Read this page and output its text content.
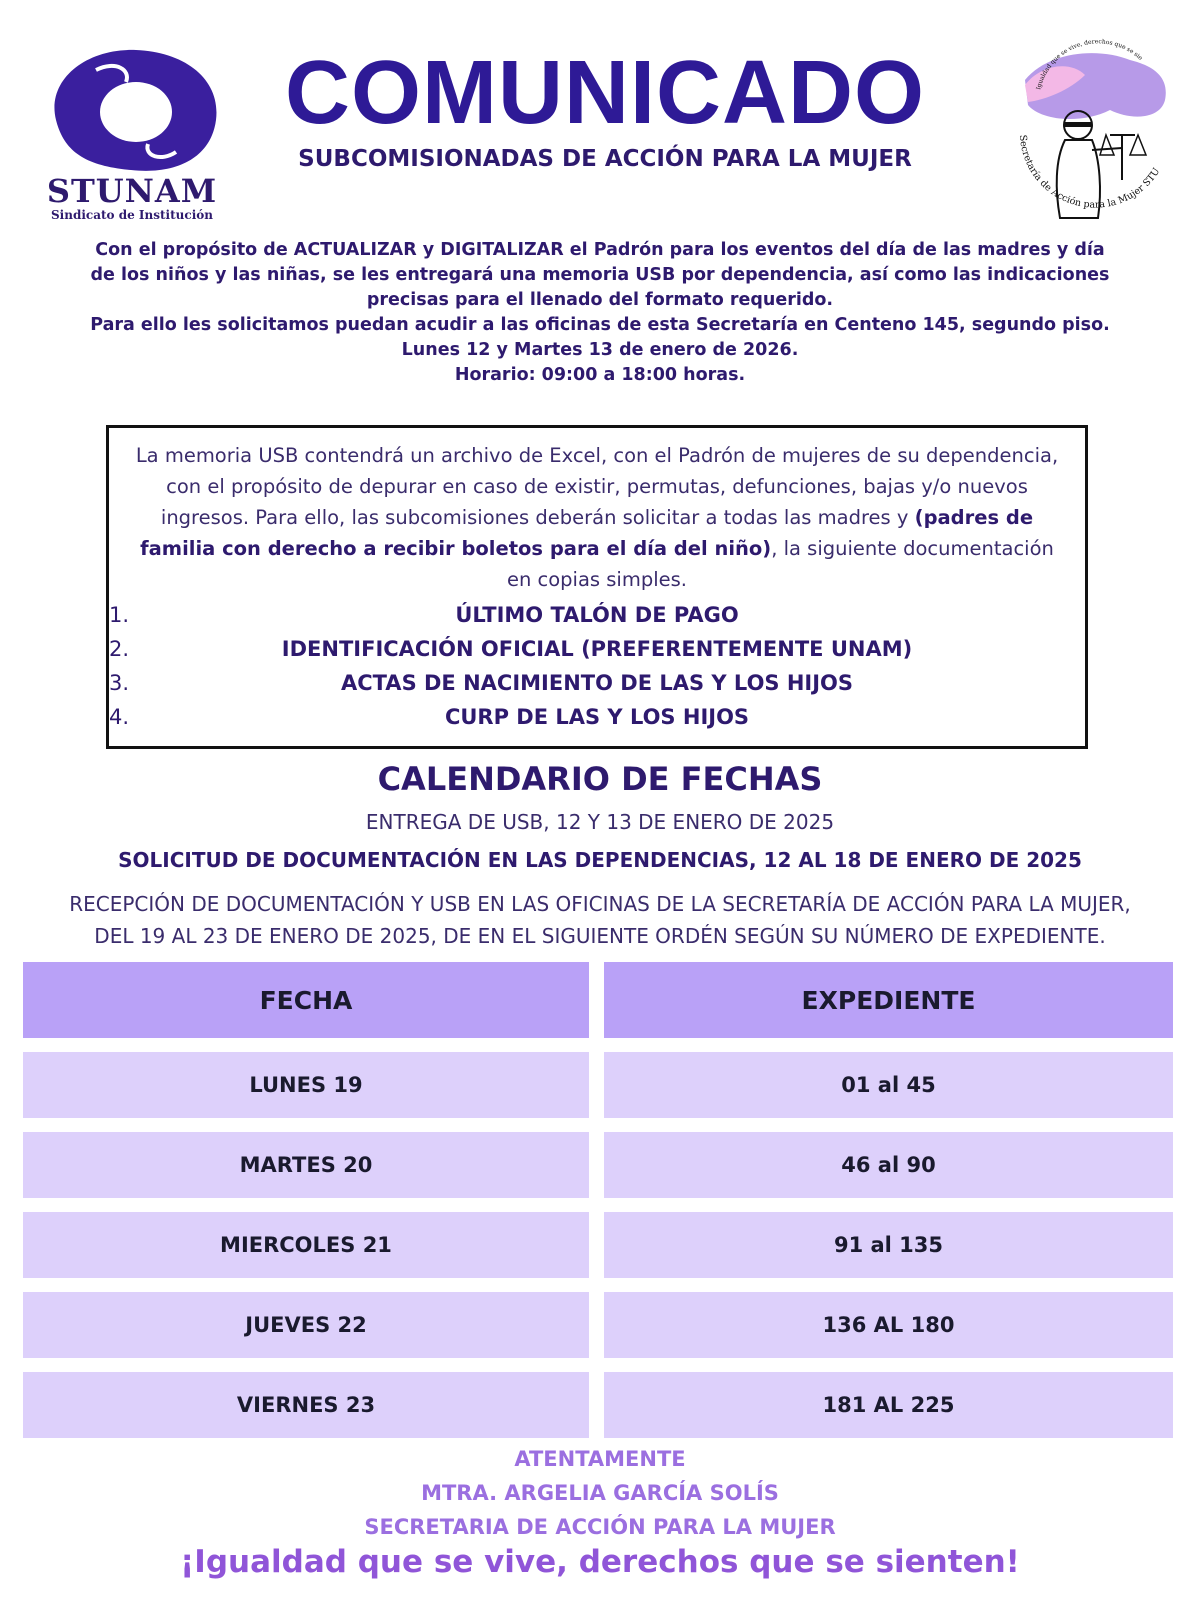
STUNAM
Sindicato de Institución
Igualdad que se vive, derechos que se sie
Secretaría de Acción para la Mujer STU
COMUNICADO
SUBCOMISIONADAS DE ACCIÓN PARA LA MUJER

Con el propósito de ACTUALIZAR y DIGITALIZAR el Padrón para los eventos del día de las madres y día de los niños y las niñas, se les entregará una memoria USB por dependencia, así como las indicaciones precisas para el llenado del formato requerido.

Para ello les solicitamos puedan acudir a las oficinas de esta Secretaría en Centeno 145, segundo piso.

Lunes 12 y Martes 13 de enero de 2026.

Horario: 09:00 a 18:00 horas.

La memoria USB contendrá un archivo de Excel, con el Padrón de mujeres de su dependencia, con el propósito de depurar en caso de existir, permutas, defunciones, bajas y/o nuevos ingresos. Para ello, las subcomisiones deberán solicitar a todas las madres y (padres de familia con derecho a recibir boletos para el día del niño), la siguiente documentación en copias simples.
1.	ÚLTIMO TALÓN DE PAGO
2.	IDENTIFICACIÓN OFICIAL (PREFERENTEMENTE UNAM)
3.	ACTAS DE NACIMIENTO DE LAS Y LOS HIJOS
4.	CURP DE LAS Y LOS HIJOS
CALENDARIO DE FECHAS
ENTREGA DE USB, 12 Y 13 DE ENERO DE 2025
SOLICITUD DE DOCUMENTACIÓN EN LAS DEPENDENCIAS, 12 AL 18 DE ENERO DE 2025
RECEPCIÓN DE DOCUMENTACIÓN Y USB EN LAS OFICINAS DE LA SECRETARÍA DE ACCIÓN PARA LA MUJER,
DEL 19 AL 23 DE ENERO DE 2025, DE EN EL SIGUIENTE ORDÉN SEGÚN SU NÚMERO DE EXPEDIENTE.
FECHA	EXPEDIENTE
LUNES 19	01 al 45
MARTES 20	46 al 90
MIERCOLES 21	91 al 135
JUEVES 22	136 AL 180
VIERNES 23	181 AL 225
ATENTAMENTE
MTRA. ARGELIA GARCÍA SOLÍS
SECRETARIA DE ACCIÓN PARA LA MUJER
¡Igualdad que se vive, derechos que se sienten!
